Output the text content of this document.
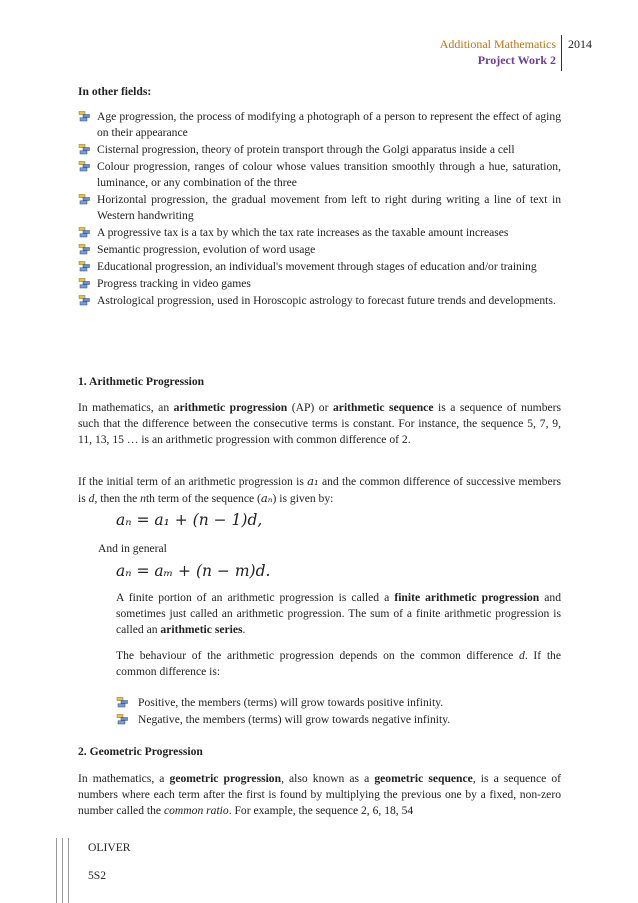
Additional Mathematics
Project Work 2
2014
In other fields:
Age progression, the process of modifying a photograph of a person to represent the effect of aging on their appearance
Cisternal progression, theory of protein transport through the Golgi apparatus inside a cell
Colour progression, ranges of colour whose values transition smoothly through a hue, saturation, luminance, or any combination of the three
Horizontal progression, the gradual movement from left to right during writing a line of text in Western handwriting
A progressive tax is a tax by which the tax rate increases as the taxable amount increases
Semantic progression, evolution of word usage
Educational progression, an individual's movement through stages of education and/or training
Progress tracking in video games
Astrological progression, used in Horoscopic astrology to forecast future trends and developments.
1. Arithmetic Progression
In mathematics, an arithmetic progression (AP) or arithmetic sequence is a sequence of numbers such that the difference between the consecutive terms is constant. For instance, the sequence 5, 7, 9, 11, 13, 15 … is an arithmetic progression with common difference of 2.
If the initial term of an arithmetic progression is a₁ and the common difference of successive members is d, then the nth term of the sequence (aₙ) is given by:
aₙ = a₁ + (n − 1)d,
And in general
aₙ = aₘ + (n − m)d.
A finite portion of an arithmetic progression is called a finite arithmetic progression and sometimes just called an arithmetic progression. The sum of a finite arithmetic progression is called an arithmetic series.
The behaviour of the arithmetic progression depends on the common difference d. If the common difference is:
Positive, the members (terms) will grow towards positive infinity.
Negative, the members (terms) will grow towards negative infinity.
2. Geometric Progression
In mathematics, a geometric progression, also known as a geometric sequence, is a sequence of numbers where each term after the first is found by multiplying the previous one by a fixed, non-zero number called the common ratio. For example, the sequence 2, 6, 18, 54
OLIVER
5S2
